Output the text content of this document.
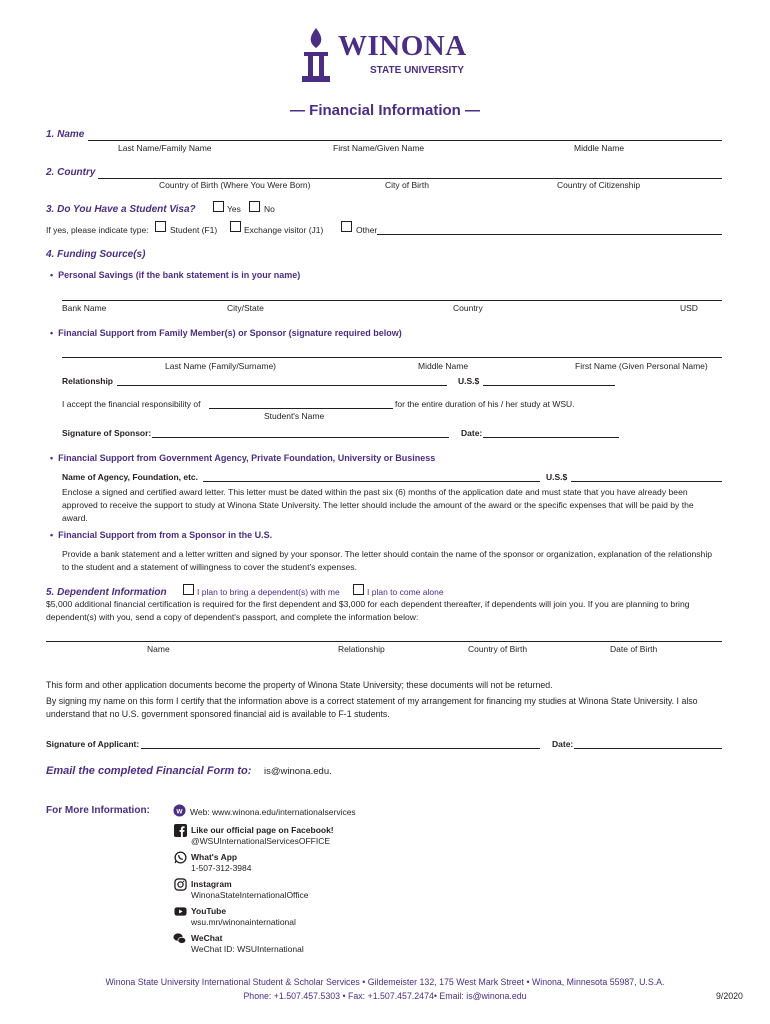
WINONA
STATE UNIVERSITY
— Financial Information —
1. Name
Last Name/Family Name	First Name/Given Name	Middle Name
2. Country
Country of Birth (Where You Were Born)	City of Birth	Country of Citizenship
3. Do You Have a Student Visa?	Yes	No
If yes, please indicate type:	Student (F1)	Exchange visitor (J1)	Other
4. Funding Source(s)
•  Personal Savings (if the bank statement is in your name)
Bank Name	City/State	Country	USD
•  Financial Support from Family Member(s) or Sponsor (signature required below)
Last Name (Family/Surname)	Middle Name	First Name (Given Personal Name)
Relationship	U.S.$
I accept the financial responsibility of	for the entire duration of his / her study at WSU.
Student's Name
Signature of Sponsor:	Date:
•  Financial Support from Government Agency, Private Foundation, University or Business
Name of Agency, Foundation, etc.	U.S.$
Enclose a signed and certified award letter. This letter must be dated within the past six (6) months of the application date and must state that you have already been approved to receive the support to study at Winona State University. The letter should include the amount of the award or the specific expenses that will be paid by the award.
•  Financial Support from from a Sponsor in the U.S.
Provide a bank statement and a letter written and signed by your sponsor. The letter should contain the name of the sponsor or organization, explanation of the relationship to the student and a statement of willingness to cover the student's expenses.
5. Dependent Information	I plan to bring a dependent(s) with me	I plan to come alone
$5,000 additional financial certification is required for the first dependent and $3,000 for each dependent thereafter, if dependents will join you. If you are planning to bring dependent(s) with you, send a copy of dependent's passport, and complete the information below:
Name	Relationship	Country of Birth	Date of Birth
This form and other application documents become the property of Winona State University; these documents will not be returned.
By signing my name on this form I certify that the information above is a correct statement of my arrangement for financing my studies at Winona State University. I also understand that no U.S. government sponsored financial aid is available to F-1 students.
Signature of Applicant:	Date:
Email the completed Financial Form to: is@winona.edu.
For More Information:	W Web: www.winona.edu/internationalservices
Like our official page on Facebook!
@WSUInternationalServicesOFFICE
What's App
1-507-312-3984
Instagram
WinonaStateInternationalOffice
YouTube
wsu.mn/winonainternational
WeChat
WeChat ID: WSUInternational
Winona State University International Student & Scholar Services • Gildemeister 132, 175 West Mark Street • Winona, Minnesota 55987, U.S.A.
Phone: +1.507.457.5303 • Fax: +1.507.457.2474• Email: is@winona.edu	9/2020
